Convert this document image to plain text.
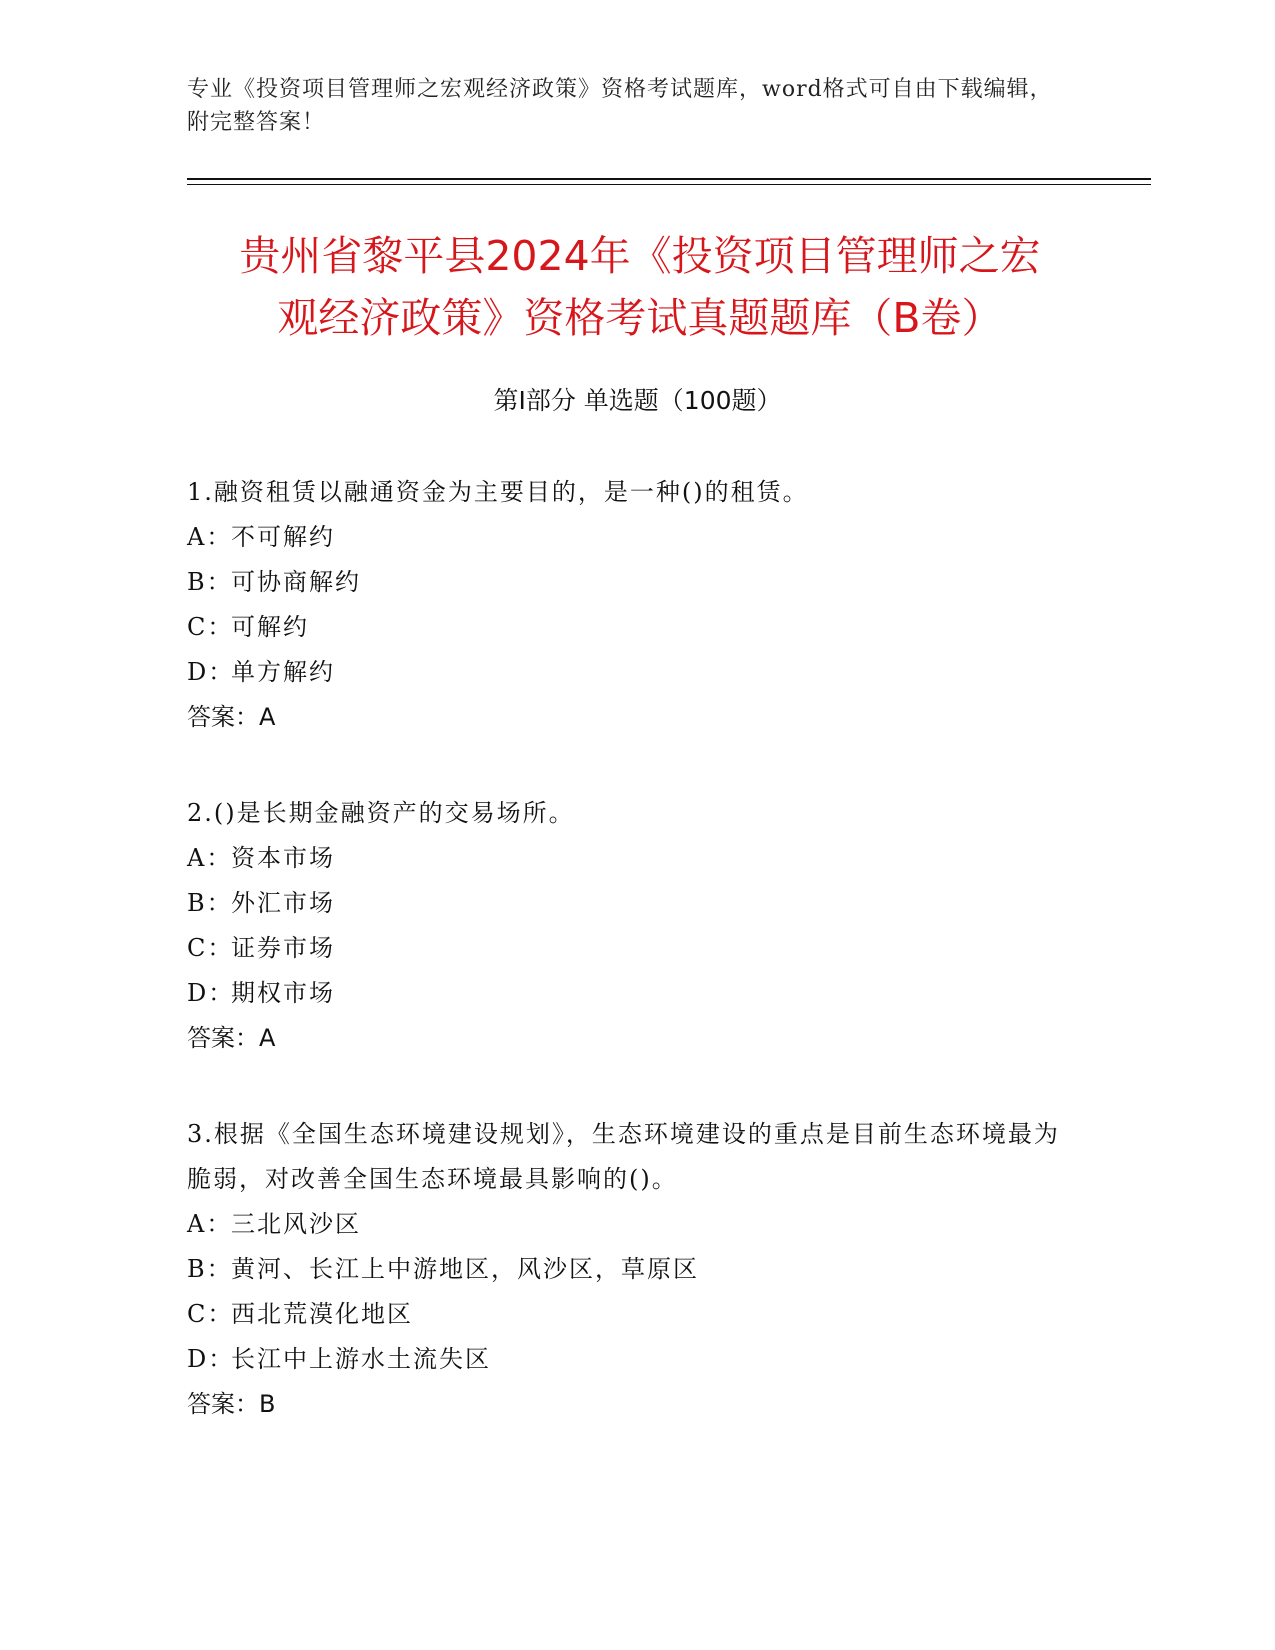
专业《投资项目管理师之宏观经济政策》资格考试题库，word格式可自由下载编辑，附完整答案！
贵州省黎平县2024年《投资项目管理师之宏
观经济政策》资格考试真题题库（B卷）
第I部分 单选题（100题）

1.融资租赁以融通资金为主要目的，是一种()的租赁。

A：不可解约

B：可协商解约

C：可解约

D：单方解约

答案：A

2.()是长期金融资产的交易场所。

A：资本市场

B：外汇市场

C：证券市场

D：期权市场

答案：A

3.根据《全国生态环境建设规划》，生态环境建设的重点是目前生态环境最为脆弱，对改善全国生态环境最具影响的()。

A：三北风沙区

B：黄河、长江上中游地区，风沙区，草原区

C：西北荒漠化地区

D：长江中上游水土流失区

答案：B
